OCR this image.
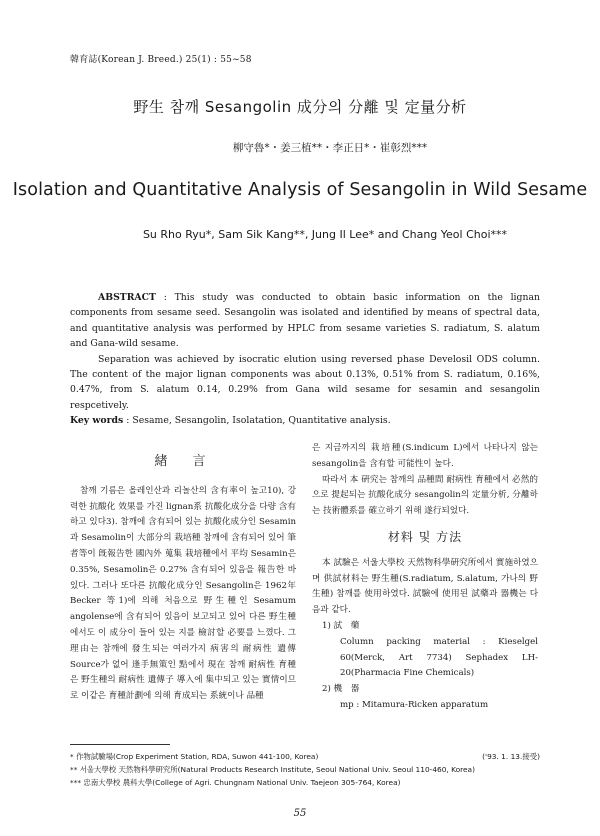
韓育誌(Korean J. Breed.) 25(1) : 55~58
野生 참깨 Sesangolin 成分의 分離 및 定量分析
柳守魯*・姜三植**・李正日*・崔彰烈***
Isolation and Quantitative Analysis of Sesangolin in Wild Sesame
Su Rho Ryu*, Sam Sik Kang**, Jung Il Lee* and Chang Yeol Choi***

ABSTRACT : This study was conducted to obtain basic information on the lignan components from sesame seed. Sesangolin was isolated and identified by means of spectral data, and quantitative analysis was performed by HPLC from sesame varieties S. radiatum, S. alatum and Gana-wild sesame.

Separation was achieved by isocratic elution using reversed phase Develosil ODS column. The content of the major lignan components was about 0.13%, 0.51% from S. radiatum, 0.16%, 0.47%, from S. alatum 0.14, 0.29% from Gana wild sesame for sesamin and sesangolin respcetively.

Key words : Sesame, Sesangolin, Isolatation, Quantitative analysis.

緖　言

참깨 기름은 올레인산과 리놀산의 含有率이 높고10), 강력한 抗酸化 效果를 가진 lignan系 抗酸化成分을 다량 含有하고 있다3). 참깨에 含有되어 있는 抗酸化成分인 Sesamin과 Sesamolin이 大部分의 栽培種 참깨에 含有되어 있어 筆者等이 旣報告한 國內外 蒐集 栽培種에서 平均 Sesamin은 0.35%, Sesamolin은 0.27% 含有되어 있음을 報告한 바 있다. 그러나 또다른 抗酸化成分인 Sesangolin은 1962年 Becker 等1)에 의해 처음으로 野生種인 Sesamum angolense에 含有되어 있음이 보고되고 있어 다른 野生種에서도 이 成分이 들어 있는 지를 檢討할 必要를 느꼈다. 그 理由는 참깨에 發生되는 여러가지 病害의 耐病性 遺傳 Source가 없어 逢手無策인 點에서 現在 참깨 耐病性 育種은 野生種의 耐病性 遺傳子 導入에 集中되고 있는 實情이므로 이같은 育種計劃에 의해 育成되는 系統이나 品種

은 지금까지의 栽培種(S.indicum L)에서 나타나지 않는 sesangolin을 含有할 可能性이 높다.

따라서 本 硏究는 참깨의 品種間 耐病性 育種에서 必然的으로 提起되는 抗酸化成分 sesangolin의 定量分析, 分離하는 技術體系를 確立하기 위해 遂行되었다.

材料 및 方法

本 試驗은 서울大學校 天然物科學硏究所에서 實施하였으며 供試材料는 野生種(S.radiatum, S.alatum, 가나의 野生種) 참깨를 使用하였다. 試驗에 使用된 試藥과 器機는 다음과 같다.

1) 試　藥

Column packing material : Kieselgel 60(Merck, Art 7734) Sephadex LH-20(Pharmacia Fine Chemicals)

2) 機　器

mp : Mitamura-Ricken apparatum

* 作物試驗場(Crop Experiment Station, RDA, Suwon 441-100, Korea)	('93. 1. 13.接受)
** 서울大學校 天然物科學硏究所(Natural Products Research Institute, Seoul National Univ. Seoul 110-460, Korea)
*** 忠南大學校 農科大學(College of Agri. Chungnam National Univ. Taejeon 305-764, Korea)
55
